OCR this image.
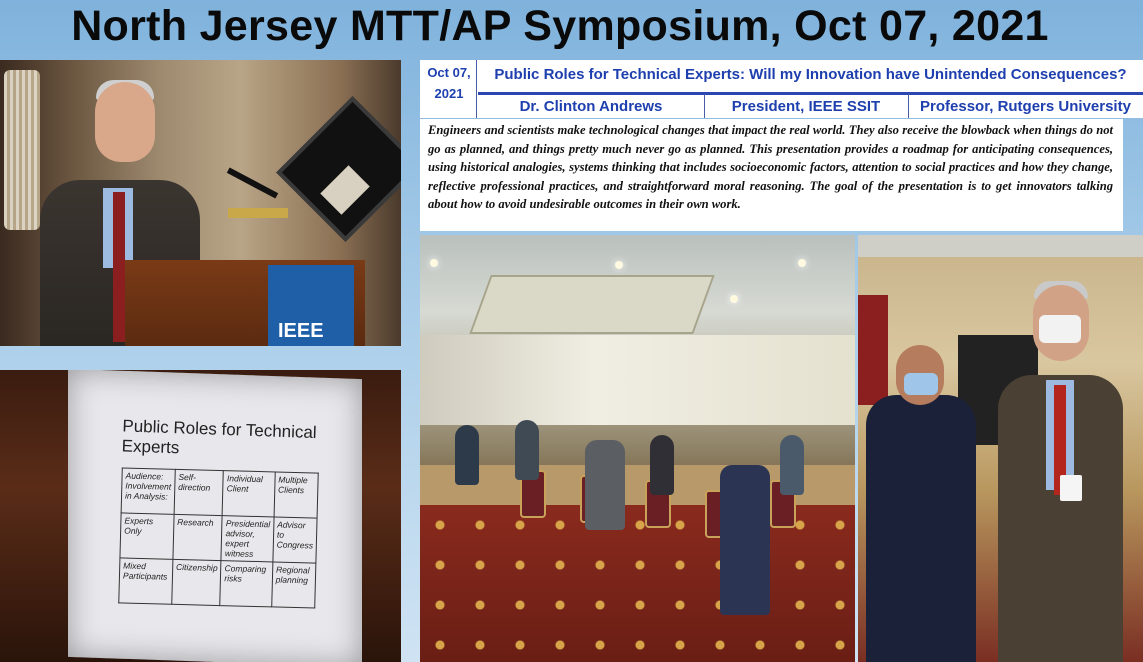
North Jersey MTT/AP Symposium, Oct 07, 2021
IEEE
Public Roles for Technical Experts
Audience: Involvement in Analysis:	Self-direction	Individual Client	Multiple Clients
Experts Only	Research	Presidential advisor, expert witness	Advisor to Congress
Mixed Participants	Citizenship	Comparing risks	Regional planning
Oct 07,
2021
Public Roles for Technical Experts: Will my Innovation have Unintended Consequences?
Dr. Clinton Andrews	President, IEEE SSIT	Professor, Rutgers University
Engineers and scientists make technological changes that impact the real world. They also receive the blowback when things do not go as planned, and things pretty much never go as planned. This presentation provides a roadmap for anticipating consequences, using historical analogies, systems thinking that includes socioeconomic factors, attention to social practices and how they change, reflective professional practices, and straightforward moral reasoning. The goal of the presentation is to get innovators talking about how to avoid undesirable outcomes in their own work.
